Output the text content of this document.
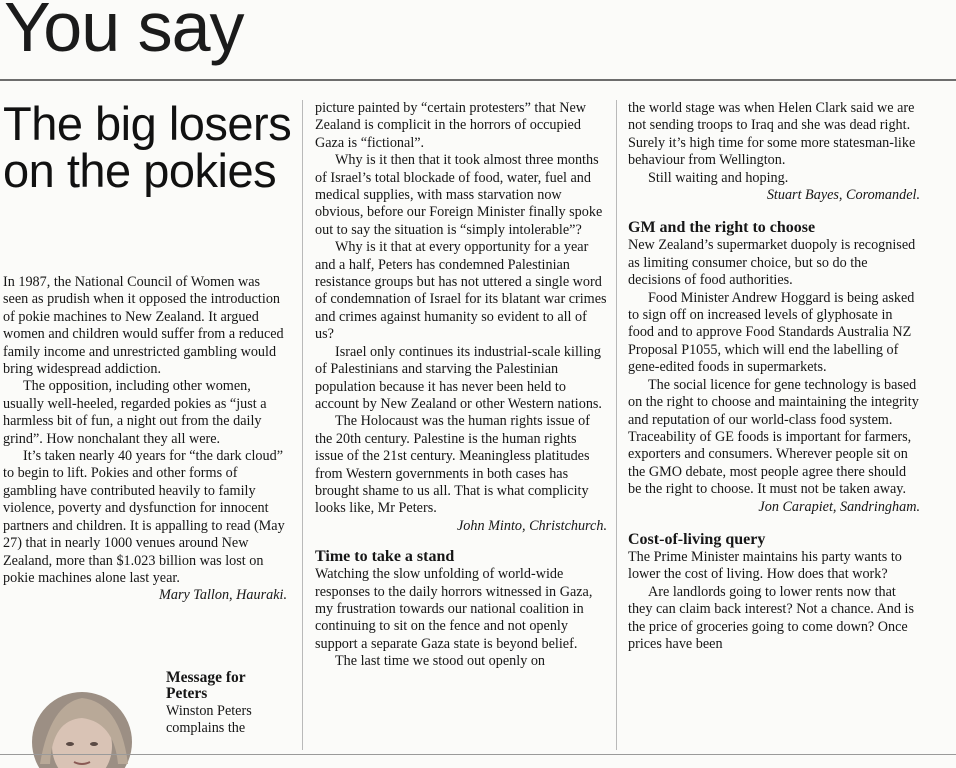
You say
The big losers on the pokies

In 1987, the National Council of Women was seen as prudish when it opposed the introduction of pokie machines to New Zealand. It argued women and children would suffer from a reduced family income and unrestricted gambling would bring widespread addiction.

The opposition, including other women, usually well-heeled, regarded pokies as “just a harmless bit of fun, a night out from the daily grind”. How nonchalant they all were.

It’s taken nearly 40 years for “the dark cloud” to begin to lift. Pokies and other forms of gambling have contributed heavily to family violence, poverty and dysfunction for innocent partners and children. It is appalling to read (May 27) that in nearly 1000 venues around New Zealand, more than $1.023 billion was lost on pokie machines alone last year.

Mary Tallon, Hauraki.
Message for Peters
Winston Peters
complains the

picture painted by “certain protesters” that New Zealand is complicit in the horrors of occupied Gaza is “fictional”.

Why is it then that it took almost three months of Israel’s total blockade of food, water, fuel and medical supplies, with mass starvation now obvious, before our Foreign Minister finally spoke out to say the situation is “simply intolerable”?

Why is it that at every opportunity for a year and a half, Peters has condemned Palestinian resistance groups but has not uttered a single word of condemnation of Israel for its blatant war crimes and crimes against humanity so evident to all of us?

Israel only continues its industrial-scale killing of Palestinians and starving the Palestinian population because it has never been held to account by New Zealand or other Western nations.

The Holocaust was the human rights issue of the 20th century. Palestine is the human rights issue of the 21st century. Meaningless platitudes from Western governments in both cases has brought shame to us all. That is what complicity looks like, Mr Peters.

John Minto, Christchurch.
Time to take a stand

Watching the slow unfolding of world-wide responses to the daily horrors witnessed in Gaza, my frustration towards our national coalition in continuing to sit on the fence and not openly support a separate Gaza state is beyond belief.

The last time we stood out openly on

the world stage was when Helen Clark said we are not sending troops to Iraq and she was dead right. Surely it’s high time for some more statesman-like behaviour from Wellington.

Still waiting and hoping.

Stuart Bayes, Coromandel.
GM and the right to choose

New Zealand’s supermarket duopoly is recognised as limiting consumer choice, but so do the decisions of food authorities.

Food Minister Andrew Hoggard is being asked to sign off on increased levels of glyphosate in food and to approve Food Standards Australia NZ Proposal P1055, which will end the labelling of gene-edited foods in supermarkets.

The social licence for gene technology is based on the right to choose and maintaining the integrity and reputation of our world-class food system. Traceability of GE foods is important for farmers, exporters and consumers. Wherever people sit on the GMO debate, most people agree there should be the right to choose. It must not be taken away.

Jon Carapiet, Sandringham.
Cost-of-living query

The Prime Minister maintains his party wants to lower the cost of living. How does that work?

Are landlords going to lower rents now that they can claim back interest? Not a chance. And is the price of groceries going to come down? Once prices have been
